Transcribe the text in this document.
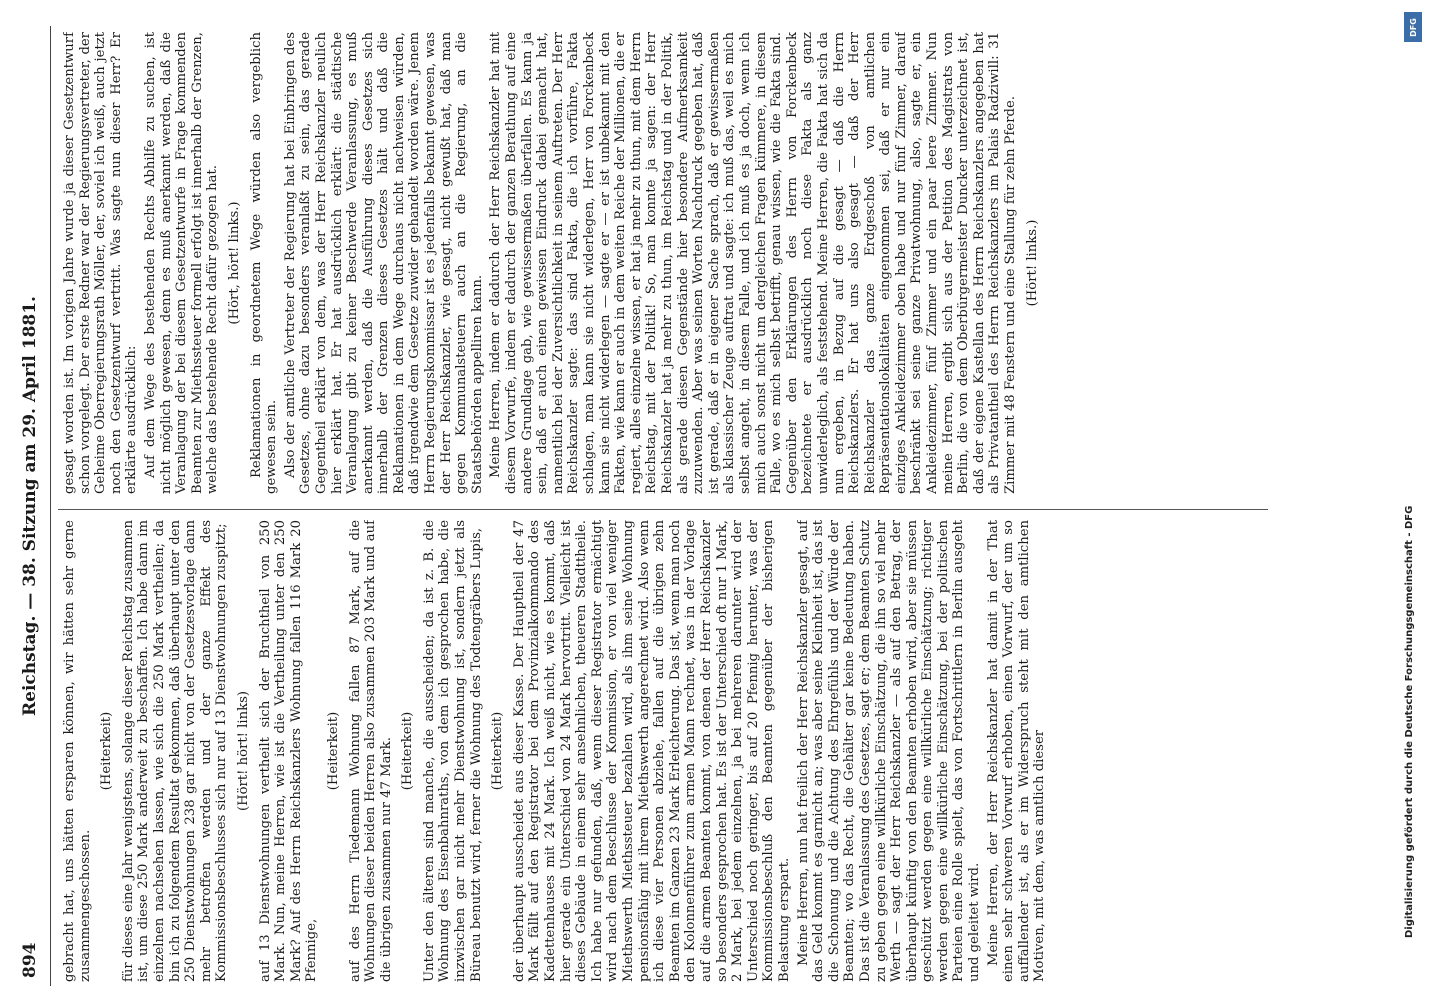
894
Reichstag. — 38. Sitzung am 29. April 1881.

gebracht hat, uns hätten ersparen können, wir hätten sehr gerne zusammengeschossen.

(Heiterkeit) für dieses eine Jahr wenigstens, solange dieser Reichstag zusammen ist, um diese 250 Mark anderweit zu beschaffen. Ich habe dann im einzelnen nachsehen lassen, wie sich die 250 Mark vertheilen; da bin ich zu folgendem Resultat gekommen, daß überhaupt unter den 250 Dienstwohnungen 238 gar nicht von der Gesetzesvorlage dann mehr betroffen werden und der ganze Effekt des Kommissionsbeschlusses sich nur auf 13 Dienstwohnungen zuspitzt; (Hört! hört! links) auf 13 Dienstwohnungen vertheilt sich der Bruchtheil von 250 Mark. Nun, meine Herren, wie ist die Vertheilung unter den 250 Mark? Auf des Herrn Reichskanzlers Wohnung fallen 116 Mark 20 Pfennige,

(Heiterkeit) auf des Herrn Tiedemann Wohnung fallen 87 Mark, auf die Wohnungen dieser beiden Herren also zusammen 203 Mark und auf die übrigen zusammen nur 47 Mark. (Heiterkeit) Unter den älteren sind manche, die ausscheiden; da ist z. B. die Wohnung des Eisenbahnraths, von dem ich gesprochen habe, die inzwischen gar nicht mehr Dienstwohnung ist, sondern jetzt als Büreau benutzt wird, ferner die Wohnung des Todtengräbers Lupis, (Heiterkeit) der überhaupt ausscheidet aus dieser Kasse. Der Hauptheil der 47 Mark fällt auf den Registrator bei dem Provinzialkommando des Kadettenhauses mit 24 Mark. Ich weiß nicht, wie es kommt, daß hier gerade ein Unterschied von 24 Mark hervortritt. Vielleicht ist dieses Gebäude in einem sehr ansehnlichen, theueren Stadttheile. Ich habe nur gefunden, daß, wenn dieser Registrator ermächtigt wird nach dem Beschlusse der Kommission, er von viel weniger Miethswerth Miethssteuer bezahlen wird, als ihm seine Wohnung pensionsfähig mit ihrem Miethswerth angerechnet wird. Also wenn ich diese vier Personen abziehe, fallen auf die übrigen zehn Beamten im Ganzen 23 Mark Erleichterung. Das ist, wenn man noch den Kolonnenführer zum armen Mann rechnet, was in der Vorlage auf die armen Beamten kommt, von denen der Herr Reichskanzler so besonders gesprochen hat. Es ist der Unterschied oft nur 1 Mark, 2 Mark, bei jedem einzelnen, ja bei mehreren darunter wird der Unterschied noch geringer, bis auf 20 Pfennig herunter, was der Kommissionsbeschluß den Beamten gegenüber der bisherigen Belastung erspart. Meine Herren, nun hat freilich der Herr Reichskanzler gesagt, auf das Geld kommt es garnicht an; was aber seine Kleinheit ist, das ist die Schonung und die Achtung des Ehrgefühls und der Würde der Beamten; wo das Recht, die Gehälter gar keine Bedeutung haben. Das ist die Veranlassung des Gesetzes, sagt er; dem Beamten Schutz zu geben gegen eine willkürliche Einschätzung, die ihn so viel mehr Werth — sagt der Herr Reichskanzler — als auf den Betrag, der überhaupt künftig von den Beamten erhoben wird, aber sie müssen geschützt werden gegen eine willkürliche Einschätzung; richtiger werden gegen eine willkürliche Einschätzung, bei der politischen Parteien eine Rolle spielt, das von Fortschrittlern in Berlin ausgeht und geleitet wird. Meine Herren, der Herr Reichskanzler hat damit in der That einen sehr schweren Vorwurf erhoben, einen Vorwurf, der um so auffallender ist, als er im Widerspruch steht mit den amtlichen Motiven, mit dem, was amtlich dieser

gesagt worden ist. Im vorigen Jahre wurde ja dieser Gesetzentwurf schon vorgelegt. Der erste Redner war der Regierungsvertreter, der Geheime Oberregierungsrath Möller, der, soviel ich weiß, auch jetzt noch den Gesetzentwurf vertritt. Was sagte nun dieser Herr? Er erklärte ausdrücklich: Auf dem Wege des bestehenden Rechts Abhilfe zu suchen, ist nicht möglich gewesen, denn es muß anerkannt werden, daß die Veranlagung der bei diesem Gesetzentwurfe in Frage kommenden Beamten zur Miethssteuer formell erfolgt ist innerhalb der Grenzen, welche das bestehende Recht dafür gezogen hat. (Hört, hört! links.) Reklamationen in geordnetem Wege würden also vergeblich gewesen sein. Also der amtliche Vertreter der Regierung hat bei Einbringen des Gesetzes, ohne dazu besonders veranlaßt zu sein, das gerade Gegentheil erklärt von dem, was der Herr Reichskanzler neulich hier erklärt hat. Er hat ausdrücklich erklärt: die städtische Veranlagung gibt zu keiner Beschwerde Veranlassung, es muß anerkannt werden, daß die Ausführung dieses Gesetzes sich innerhalb der Grenzen dieses Gesetzes hält und daß die Reklamationen in dem Wege durchaus nicht nachweisen würden, daß irgendwie dem Gesetze zuwider gehandelt worden wäre. Jenem Herrn Regierungskommissar ist es jedenfalls bekannt gewesen, was der Herr Reichskanzler, wie gesagt, nicht gewußt hat, daß man gegen Kommunalsteuern auch an die Regierung, an die Staatsbehörden appelliren kann. Meine Herren, indem er dadurch der Herr Reichskanzler hat mit diesem Vorwurfe, indem er dadurch der ganzen Berathung auf eine andere Grundlage gab, wie gewissermaßen überfallen. Es kann ja sein, daß er auch einen gewissen Eindruck dabei gemacht hat, namentlich bei der Zuversichtlichkeit in seinem Auftreten. Der Herr Reichskanzler sagte: das sind Fakta, die ich vorführe, Fakta schlagen, man kann sie nicht widerlegen, Herr von Forckenbeck kann sie nicht widerlegen — sagte er — er ist unbekannt mit den Fakten, wie kann er auch in dem weiten Reiche der Millionen, die er regiert, alles einzelne wissen, er hat ja mehr zu thun, mit dem Herrn Reichstag, mit der Politik! So, man konnte ja sagen: der Herr Reichskanzler hat ja mehr zu thun, im Reichstag und in der Politik, als gerade diesen Gegenstände hier besondere Aufmerksamkeit zuzuwenden. Aber was seinen Worten Nachdruck gegeben hat, daß ist gerade, daß er in eigener Sache sprach, daß er gewissermaßen als klassischer Zeuge auftrat und sagte: ich muß das, weil es mich selbst angeht, in diesem Falle, und ich muß es ja doch, wenn ich mich auch sonst nicht um dergleichen Fragen kümmere, in diesem Falle, wo es mich selbst betrifft, genau wissen, wie die Fakta sind. Gegenüber den Erklärungen des Herrn von Forckenbeck bezeichnete er ausdrücklich noch diese Fakta als ganz unwiderleglich, als feststehend. Meine Herren, die Fakta hat sich da nun ergeben, in Bezug auf die gesagt — daß die Herrn Reichskanzlers. Er hat uns also gesagt — daß der Herr Reichskanzler das ganze Erdgeschoß von amtlichen Repräsentationslokalitäten eingenommen sei, daß er nur ein einziges Ankleidezimmer oben habe und nur fünf Zimmer, darauf beschränkt sei seine ganze Privatwohnung, also, sagte er, ein Ankleidezimmer, fünf Zimmer und ein paar leere Zimmer. Nun meine Herren, ergibt sich aus der Petition des Magistrats von Berlin, die von dem Oberbürgermeister Duncker unterzeichnet ist, daß der eigene Kastellan des Herrn Reichskanzlers angegeben hat als Privatantheil des Herrn Reichskanzlers im Palais Radziwill: 31 Zimmer mit 48 Fenstern und eine Stallung für zehn Pferde. (Hört! links.)

DFG
Digitalisierung gefördert durch die Deutsche Forschungsgemeinschaft - DFG
